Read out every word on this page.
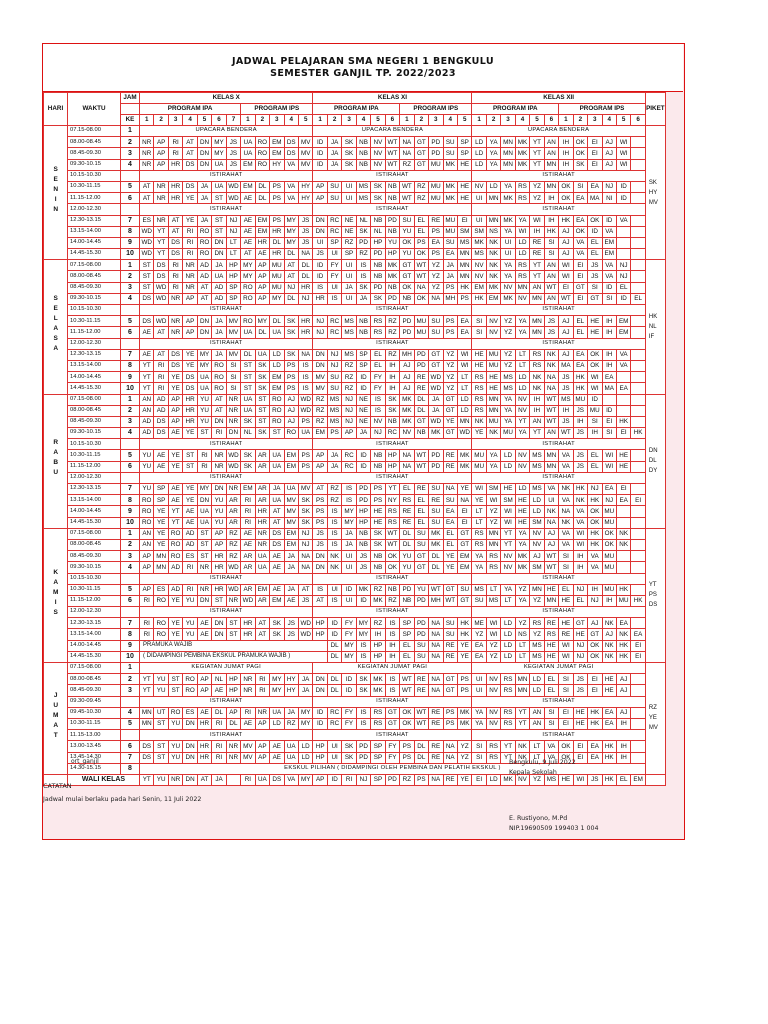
JADWAL PELAJARAN SMA NEGERI 1 BENGKULU
SEMESTER GANJIL TP. 2022/2023
HARI	WAKTU	JAM	KELAS X												KELAS XI											KELAS XII												PIKET
			PROGRAM IPA							PROGRAM IPS					PROGRAM IPA						PROGRAM IPS					PROGRAM IPA						PROGRAM IPS						
		KE	1	2	3	4	5	6	7	1	2	3	4	5	1	2	3	4	5	6	1	2	3	4	5	1	2	3	4	5	6	1	2	3	4	5	6	
SENIN	07.15-08.00	1	UPACARA BENDERA												UPACARA BENDERA											UPACARA BENDERA												SK
HY
MV

	08.00-08.45	2	NR	AP	RI	AT	DN	MY	JS	UA	RO	EM	DS	MV	ID	JA	SK	NB	NV	WT	NA	GT	PD	SU	SP	LD	YA	MN	MK	YT	AN	IH	OK	EI	AJ	WI		
	08.45-09.30	3	NR	AP	RI	AT	DN	MY	JS	UA	RO	EM	DS	MV	ID	JA	SK	NB	NV	WT	NA	GT	PD	SU	SP	LD	YA	MN	MK	YT	AN	IH	OK	EI	AJ	WI		
	09.30-10.15	4	NR	AP	HR	DS	DN	UA	JS	EM	RO	HY	VA	MV	ID	JA	SK	NB	NV	WT	RZ	GT	MU	MK	HE	LD	YA	MN	MK	YT	MN	IH	SK	EI	AJ	WI		
	10.15-10.30		ISTIRAHAT												ISTIRAHAT											ISTIRAHAT												
	10.30-11.15	5	AT	NR	HR	DS	JA	UA	WD	EM	DL	PS	VA	HY	AP	SU	UI	MS	SK	NB	WT	RZ	MU	MK	HE	NV	LD	YA	RS	YZ	MN	OK	SI	EA	NJ	ID		
	11.15-12.00	6	AT	NR	HR	YE	JA	ST	WD	AE	DL	PS	VA	HY	AP	SU	UI	MS	SK	NB	WT	RZ	MU	MK	HE	UI	MN	MK	RS	YZ	IH	OK	EA	MA	NI	ID		
	12.00-12.30		ISTIRAHAT												ISTIRAHAT											ISTIRAHAT												
	12.30-13.15	7	ES	NR	AT	YE	JA	ST	NJ	AE	EM	PS	MY	JS	DN	RC	NE	NL	NB	PD	SU	EL	RE	MU	EI	UI	MN	MK	YA	WI	IH	HK	EA	OK	ID	VA		
	13.15-14.00	8	WD	YT	AT	RI	RO	ST	NJ	AE	EM	HR	MY	JS	DN	RC	NE	SK	NL	NB	YU	EL	PS	MU	SM	SM	NS	YA	WI	IH	HK	AJ	OK	ID	VA			
	14.00-14.45	9	WD	YT	DS	RI	RO	DN	LT	AE	HR	DL	MY	JS	UI	SP	RZ	PD	HP	YU	OK	PS	EA	SU	MS	MK	NK	UI	LD	RE	SI	AJ	VA	EL	EM			
	14.45-15.30	10	WD	YT	DS	RI	RO	DN	LT	AT	AE	HR	DL	NA	JS	UI	SP	RZ	PD	HP	YU	OK	PS	EA	MN	MS	NK	UI	LD	RE	SI	AJ	VA	EL	EM			
SELASA	07.15-08.00	1	ST	DS	RI	NR	AD	JA	HP	MY	AP	MU	AT	DL	ID	FY	UI	IS	NB	MK	GT	WT	YZ	JA	MN	NV	NK	YA	RS	YT	AN	WI	EI	JS	VA	NJ		HK
NL
IF

	08.00-08.45	2	ST	DS	RI	NR	AD	UA	HP	MY	AP	MU	AT	DL	ID	FY	UI	IS	NB	MK	GT	WT	YZ	JA	MN	NV	NK	YA	RS	YT	AN	WI	EI	JS	VA	NJ		
	08.45-09.30	3	ST	WD	RI	NR	AT	AD	SP	RO	AP	MU	NJ	HR	IS	UI	JA	SK	PD	NB	OK	NA	YZ	PS	HK	EM	MK	NV	MN	AN	WT	EI	GT	SI	ID	EL		
	09.30-10.15	4	DS	WD	NR	AP	AT	AD	SP	RO	AP	MY	DL	NJ	HR	IS	UI	JA	SK	PD	NB	OK	NA	MH	PS	HK	EM	MK	NV	MN	AN	WT	EI	GT	SI	ID	EL	
	10.15-10.30		ISTIRAHAT												ISTIRAHAT											ISTIRAHAT												
	10.30-11.15	5	DS	WD	NR	AP	DN	JA	MV	RO	MY	DL	SK	HR	NJ	RC	MS	NB	RS	RZ	PD	MU	SU	PS	EA	SI	NV	YZ	YA	MN	JS	AJ	EL	HE	IH	EM		
	11.15-12.00	6	AE	AT	NR	AP	DN	JA	MV	UA	DL	UA	SK	HR	NJ	RC	MS	NB	RS	RZ	PD	MU	SU	PS	EA	SI	NV	YZ	YA	MN	JS	AJ	EL	HE	IH	EM		
	12.00-12.30		ISTIRAHAT												ISTIRAHAT											ISTIRAHAT												
	12.30-13.15	7	AE	AT	DS	YE	MY	JA	MV	DL	UA	LD	SK	NA	DN	NJ	MS	SP	EL	RZ	MH	PD	GT	YZ	WI	HE	MU	YZ	LT	RS	NK	AJ	EA	OK	IH	VA		
	13.15-14.00	8	YT	RI	DS	YE	MY	RO	SI	ST	SK	LD	PS	IS	DN	NJ	RZ	SP	EL	IH	AJ	PD	GT	YZ	WI	HE	MU	YZ	LT	RS	NK	MA	EA	OK	IH	VA		
	14.00-14.45	9	YT	RI	YE	DS	UA	RO	SI	ST	SK	EM	PS	IS	MV	SU	RZ	ID	FY	IH	AJ	RE	WD	YZ	LT	RS	HE	MS	LD	NK	NA	JS	HK	WI	EA			
	14.45-15.30	10	YT	RI	YE	DS	UA	RO	SI	ST	SK	EM	PS	IS	MV	SU	RZ	ID	FY	IH	AJ	RE	WD	YZ	LT	RS	HE	MS	LD	NK	NA	JS	HK	WI	MA	EA		
RABU	07.15-08.00	1	AN	AD	AP	HR	YU	AT	NR	UA	ST	RO	AJ	WD	RZ	MS	NJ	NE	IS	SK	MK	DL	JA	GT	LD	RS	MN	YA	NV	IH	WT	MS	MU	ID				DN
DL
DY

	08.00-08.45	2	AN	AD	AP	HR	YU	AT	NR	UA	ST	RO	AJ	WD	RZ	MS	NJ	NE	IS	SK	MK	DL	JA	GT	LD	RS	MN	YA	NV	IH	WT	IH	JS	MU	ID			
	08.45-09.30	3	AD	DS	AP	HR	YU	DN	NR	SK	ST	RO	AJ	PS	RZ	MS	NJ	NE	NV	NB	MK	GT	WD	YE	MN	NK	MU	YA	YT	AN	WT	JS	IH	SI	EI	HK		
	09.30-10.15	4	AD	DS	AE	YE	ST	RI	DN	NL	SK	ST	RO	UA	EM	PS	AP	JA	NJ	RC	NV	NB	MK	GT	WD	YE	NK	MU	YA	YT	AN	WT	JS	IH	SI	EI	HK	
	10.15-10.30		ISTIRAHAT												ISTIRAHAT											ISTIRAHAT												
	10.30-11.15	5	YU	AE	YE	ST	RI	NR	WD	SK	AR	UA	EM	PS	AP	JA	RC	ID	NB	HP	NA	WT	PD	RE	MK	MU	YA	LD	NV	MS	MN	VA	JS	EL	WI	HE		
	11.15-12.00	6	YU	AE	YE	ST	RI	NR	WD	SK	AR	UA	EM	PS	AP	JA	RC	ID	NB	HP	NA	WT	PD	RE	MK	MU	YA	LD	NV	MS	MN	VA	JS	EL	WI	HE		
	12.00-12.30		ISTIRAHAT												ISTIRAHAT											ISTIRAHAT												
	12.30-13.15	7	YU	SP	AE	YE	MY	DN	NR	EM	AR	JA	UA	MV	AT	RZ	IS	PD	PS	YT	EL	RE	SU	NA	YE	WI	SM	HE	LD	MS	VA	NK	HK	NJ	EA	EI		
	13.15-14.00	8	RO	SP	AE	YE	DN	YU	AR	RI	AR	UA	MV	SK	PS	RZ	IS	PD	PS	NY	RS	EL	RE	SU	NA	YE	WI	SM	HE	LD	UI	VA	NK	HK	NJ	EA	EI	
	14.00-14.45	9	RO	YE	YT	AE	UA	YU	AR	RI	HR	AT	MV	SK	PS	IS	MY	HP	HE	RS	RE	EL	SU	EA	EI	LT	YZ	WI	HE	LD	NK	NA	VA	OK	MU			
	14.45-15.30	10	RO	YE	YT	AE	UA	YU	AR	RI	HR	AT	MV	SK	PS	IS	MY	HP	HE	RS	RE	EL	SU	EA	EI	LT	YZ	WI	HE	SM	NA	NK	VA	OK	MU			
KAMIS	07.15-08.00	1	AN	YE	RO	AD	ST	AP	RZ	AE	NR	DS	EM	NJ	JS	IS	JA	NB	SK	WT	DL	SU	MK	EL	GT	RS	MN	YT	YA	NV	AJ	VA	WI	HK	OK	NK		YT
PS
DS

	08.00-08.45	2	AN	YE	RO	AD	ST	AP	RZ	AE	NR	DS	EM	NJ	JS	IS	JA	NB	SK	WT	DL	SU	MK	EL	GT	RS	MN	YT	YA	NV	AJ	VA	WI	HK	OK	NK		
	08.45-09.30	3	AP	MN	RO	ES	ST	HR	RZ	AR	UA	AE	JA	NA	DN	NK	UI	JS	NB	OK	YU	GT	DL	YE	EM	YA	RS	NV	MK	AJ	WT	SI	IH	VA	MU			
	09.30-10.15	4	AP	MN	AD	RI	NR	HR	WD	AR	UA	AE	JA	NA	DN	NK	UI	JS	NB	OK	YU	GT	DL	YE	EM	YA	RS	NV	MK	SM	WT	SI	IH	VA	MU			
	10.15-10.30		ISTIRAHAT												ISTIRAHAT											ISTIRAHAT												
	10.30-11.15	5	AP	ES	AD	RI	NR	HR	WD	AR	EM	AE	JA	AT	IS	UI	ID	MK	RZ	NB	PD	YU	WT	GT	SU	MS	LT	YA	YZ	MN	HE	EL	NJ	IH	MU	HK		
	11.15-12.00	6	RI	RO	YE	YU	DN	ST	NR	WD	AR	EM	AE	JS	AT	IS	UI	ID	MK	RZ	NB	PD	MH	WT	GT	SU	MS	LT	YA	YZ	MN	HE	EL	NJ	IH	MU	HK	
	12.00-12.30		ISTIRAHAT												ISTIRAHAT											ISTIRAHAT												
	12.30-13.15	7	RI	RO	YE	YU	AE	DN	ST	HR	AT	SK	JS	WD	HP	ID	FY	MY	RZ	IS	SP	PD	NA	SU	HK	ME	WI	LD	YZ	RS	RE	HE	GT	AJ	NK	EA		
	13.15-14.00	8	RI	RO	YE	YU	AE	DN	ST	HR	AT	SK	JS	WD	HP	ID	FY	MY	IH	IS	SP	PD	NA	SU	HK	YZ	WI	LD	NS	YZ	RS	RE	HE	GT	AJ	NK	EA	
	14.00-14.45	9	PRAMUKA WAJIB													DL	MY	IS	HP	IH	EL	SU	NA	RE	YE	EA	YZ	LD	LT	MS	HE	WI	NJ	OK	NK	HK	EI	
	14.45-15.30	10	( DIDAMPINGI PEMBINA EKSKUL PRAMUKA WAJIB )													DL	MY	IS	HP	IH	EL	SU	NA	RE	YE	EA	YZ	LD	LT	MS	HE	WI	NJ	OK	NK	HK	EI	
JUMAT	07.15-08.00	1	KEGIATAN JUMAT PAGI												KEGIATAN JUMAT PAGI											KEGIATAN JUMAT PAGI												RZ
YE
MV

	08.00-08.45	2	YT	YU	ST	RO	AP	NL	HP	NR	RI	MY	HY	JA	DN	DL	ID	SK	MK	IS	WT	RE	NA	GT	PS	UI	NV	RS	MN	LD	EL	SI	JS	EI	HE	AJ		
	08.45-09.30	3	YT	YU	ST	RO	AP	AE	HP	NR	RI	MY	HY	JA	DN	DL	ID	SK	MK	IS	WT	RE	NA	GT	PS	UI	NV	RS	MN	LD	EL	SI	JS	EI	HE	AJ		
	09.30-09.45		ISTIRAHAT												ISTIRAHAT											ISTIRAHAT												
	09.45-10.30	4	MN	UT	RO	ES	AE	DL	AP	RI	NR	UA	JA	MY	ID	RC	FY	IS	RS	GT	OK	WT	RE	PS	MK	YA	NV	RS	YT	AN	SI	EI	HE	HK	EA	AJ		
	10.30-11.15	5	MN	ST	YU	DN	HR	RI	DL	AE	AP	LD	RZ	MY	ID	RC	FY	IS	RS	GT	OK	WT	RE	PS	MK	YA	NV	RS	YT	AN	SI	EI	HE	HK	EA	IH		
	11.15-13.00		ISTIRAHAT												ISTIRAHAT											ISTIRAHAT												
	13.00-13.45	6	DS	ST	YU	DN	HR	RI	NR	MV	AP	AE	UA	LD	HP	UI	SK	PD	SP	FY	PS	DL	RE	NA	YZ	SI	RS	YT	NK	LT	VA	OK	EI	EA	HK	IH		
	13.45-14.30	7	DS	ST	YU	DN	HR	RI	NR	MV	AP	AE	UA	LD	HP	UI	SK	PD	SP	FY	PS	DL	RE	NA	YZ	SI	RS	YT	NK	LT	VA	OK	EI	EA	HK	IH		
	14.30-15.15	8	EKSKUL PILIHAN ( DIDAMPINGI OLEH PEMBINA DAN PELATIH EKSKUL )																																			
	WALI KELAS		YT	YU	NR	DN	AT	JA		RI	UA	DS	VA	MY	AP	ID	RI	NJ	SP	PD	RZ	PS	NA	RE	YE	EI	LD	MK	NV	YZ	MS	HE	WI	JS	HK	EL	EM	
ort_ganjil
CATATAN
Jadwal mulai berlaku pada hari Senin, 11 Juli 2022
Bengkulu, 9 Juli 2022
Kepala Sekolah
E. Rustiyono, M.Pd
NIP.19690509 199403 1 004
